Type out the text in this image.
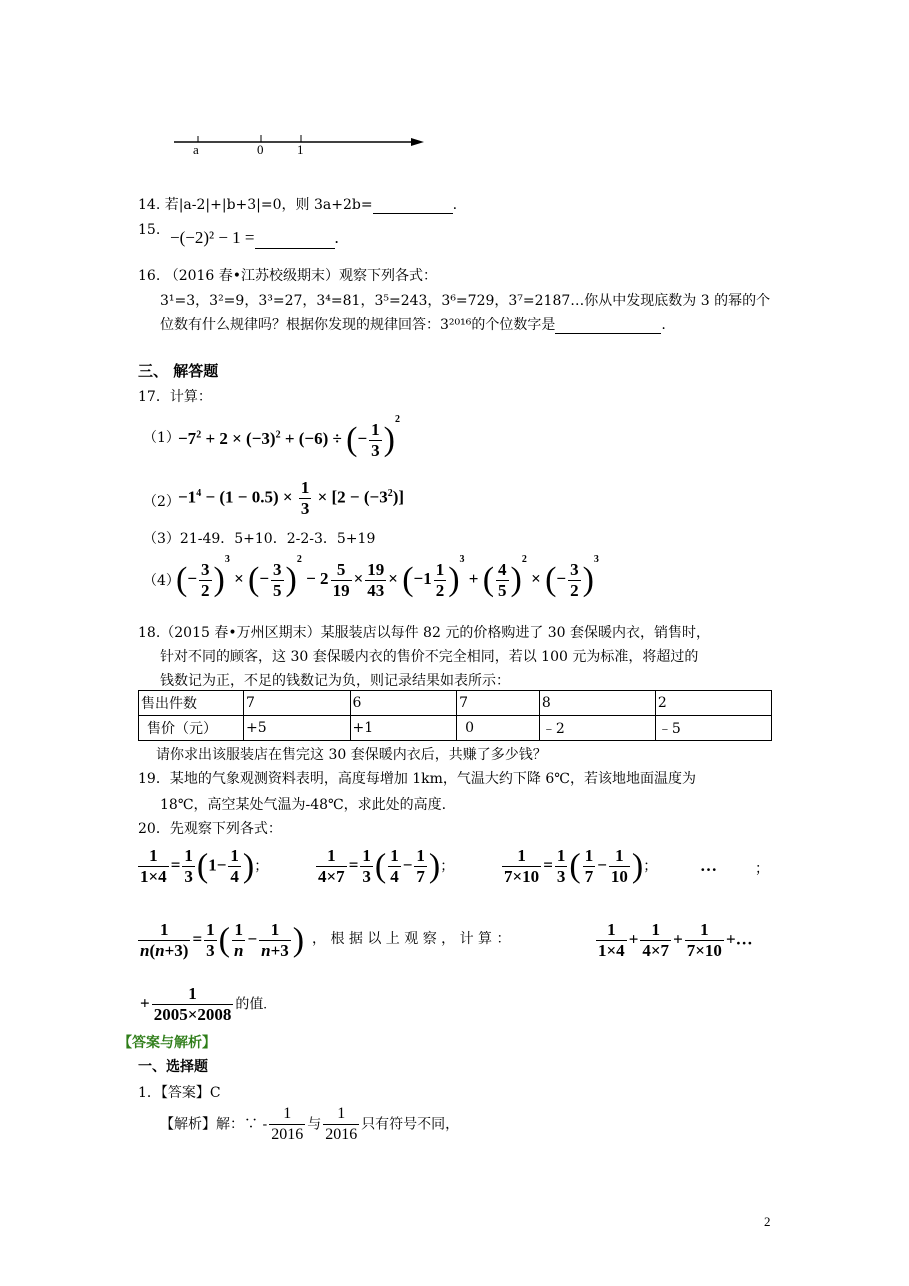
a	0	1
14. 若|a-2|+|b+3|=0，则 3a+2b=	.
15. −(−2)² − 1 =	.
16. （2016 春•江苏校级期末）观察下列各式：
3¹=3，3²=9，3³=27，3⁴=81，3⁵=243，3⁶=729，3⁷=2187…你从中发现底数为 3 的幂的个
位数有什么规律吗？根据你发现的规律回答：3²⁰¹⁶的个位数字是	.
三、 解答题
17．计算：
（1）
$-7^2 + 2 \times (-3)^2 + (-6)$ ÷ (− $\frac{1}{3} )^2$
（2）
$-1^4 - (1 - 0.5) \times \frac{1}{3} \times [2 - (-3^2)]$
（3）21-49．5+10．2-2-3．5+19
（4）
(− $\frac{3}{2} )^3$ × (− $\frac{3}{5} )^2 - 2 \frac{5}{19} \times \frac{19}{43} \times (-1 \frac{1}{2} )^3$ + ( $\frac{4}{5} )^2$ × (− $\frac{3}{2} )^3$
18.（2015 春•万州区期末）某服装店以每件 82 元的价格购进了 30 套保暖内衣，销售时，
针对不同的顾客，这 30 套保暖内衣的售价不完全相同，若以 100 元为标准，将超过的
钱数记为正，不足的钱数记为负，则记录结果如表所示：
售出件数	7	6	7	8	2
售价（元）	+5	+1	0	﹣2	﹣5
请你求出该服装店在售完这 30 套保暖内衣后，共赚了多少钱？
19．某地的气象观测资料表明，高度每增加 1km，气温大约下降 6℃，若该地地面温度为
18℃，高空某处气温为-48℃，求此处的高度.
20．先观察下列各式：
$\frac{1}{1\times 4} = \frac{1}{3} (1- \frac{1}{4}$ )；	$\frac{1}{4\times 7} = \frac{1}{3}$ ( $\frac{1}{4} - \frac{1}{7}$ )；	$\frac{1}{7\times 10} = \frac{1}{3}$ ( $\frac{1}{7} - \frac{1}{10}$ )；	…	；
$\frac{1}{n(n+3)} = \frac{1}{3}$ ( $\frac{1}{n} - \frac{1}{n+3}$ ) ， 根 据 以 上 观 察 ， 计 算 ：	$\frac{1}{1\times 4} + \frac{1}{4\times 7} + \frac{1}{7\times 10}$ +…
+ $\frac{1}{2005\times 2008}$ 的值.
【答案与解析】
一、选择题
1．【答案】C
【解析】解：∵ - $\frac{1}{2016}$ 与 $\frac{1}{2016}$ 只有符号不同，
2
